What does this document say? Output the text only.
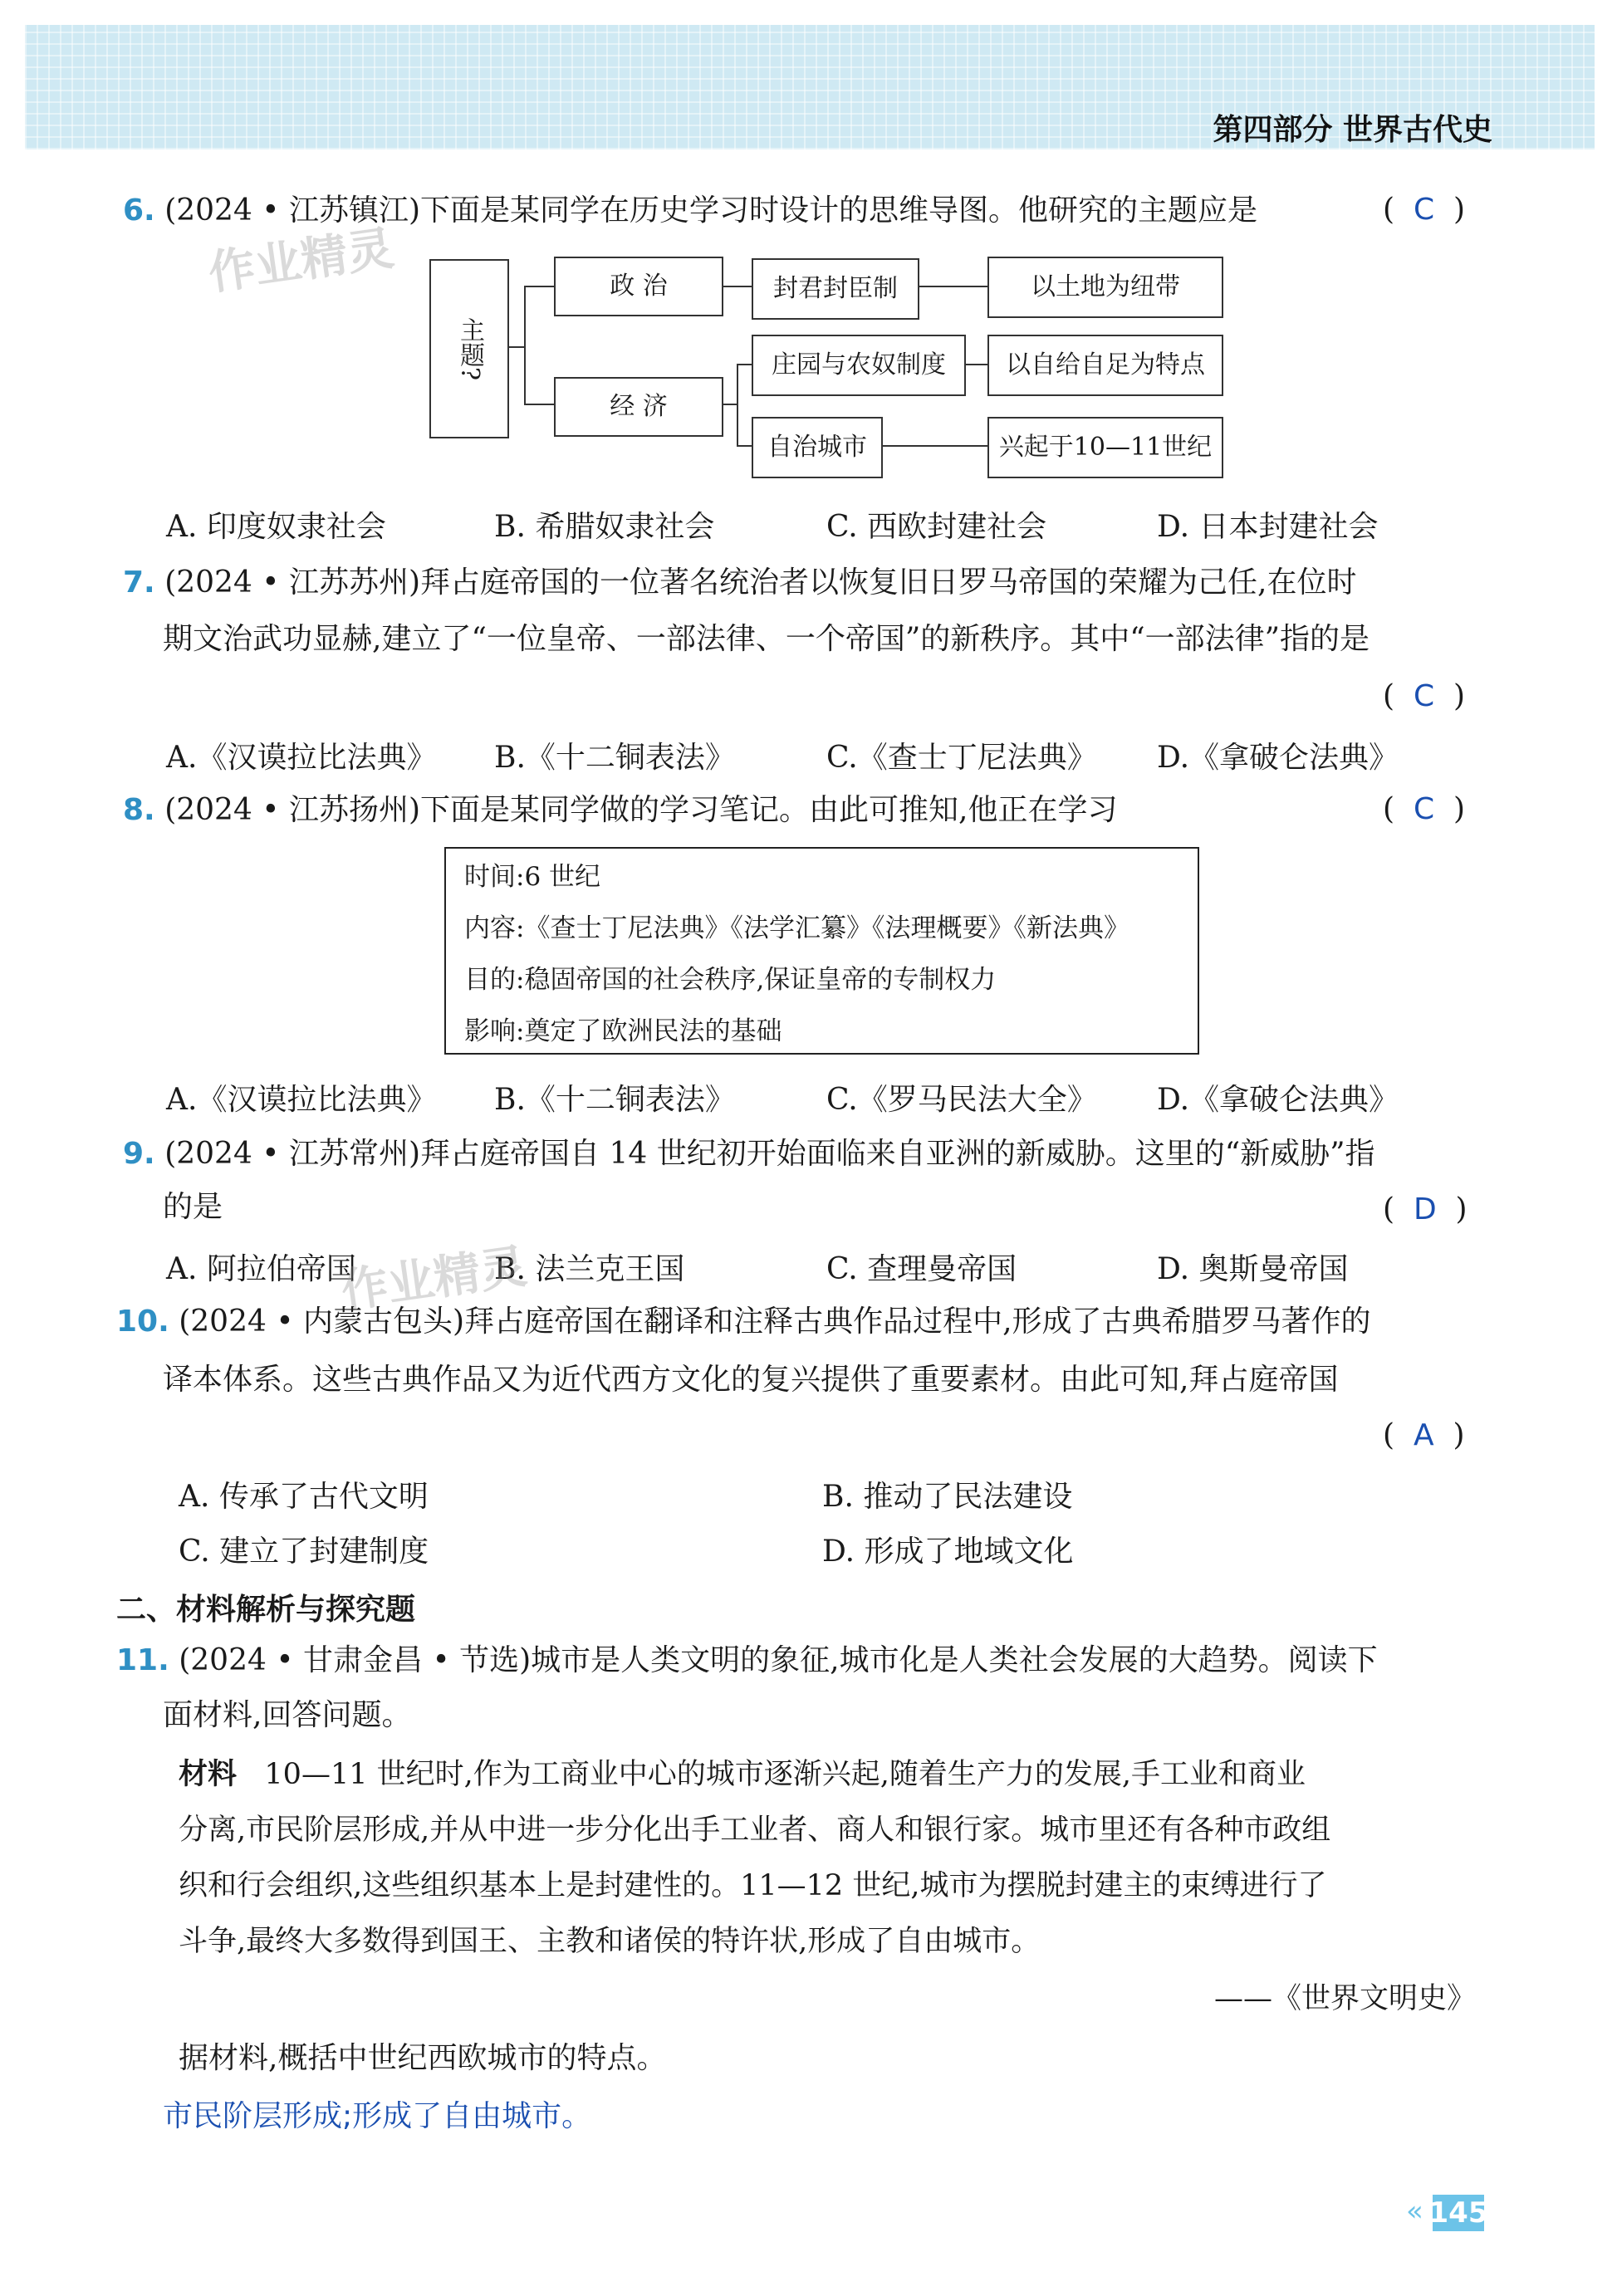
第四部分 世界古代史
6. (2024 • 江苏镇江)下面是某同学在历史学习时设计的思维导图。他研究的主题应是	(  C  )
作业精灵
主题?
政 治
经 济
封君封臣制
庄园与农奴制度
自治城市
以土地为纽带
以自给自足为特点
兴起于10—11世纪
A. 印度奴隶社会	B. 希腊奴隶社会	C. 西欧封建社会	D. 日本封建社会
7. (2024 • 江苏苏州)拜占庭帝国的一位著名统治者以恢复旧日罗马帝国的荣耀为己任,在位时
期文治武功显赫,建立了“一位皇帝、一部法律、一个帝国”的新秩序。其中“一部法律”指的是
(  C  )
A.《汉谟拉比法典》 B.《十二铜表法》	C.《查士丁尼法典》 D.《拿破仑法典》
8. (2024 • 江苏扬州)下面是某同学做的学习笔记。由此可推知,他正在学习	(  C  )
时间:6 世纪
内容:《查士丁尼法典》《法学汇纂》《法理概要》《新法典》
目的:稳固帝国的社会秩序,保证皇帝的专制权力
影响:奠定了欧洲民法的基础
A.《汉谟拉比法典》 B.《十二铜表法》	C.《罗马民法大全》 D.《拿破仑法典》
9. (2024 • 江苏常州)拜占庭帝国自 14 世纪初开始面临来自亚洲的新威胁。这里的“新威胁”指
的是	(  D  )
A. 阿拉伯帝国	B. 法兰克王国	C. 查理曼帝国	D. 奥斯曼帝国
作业精灵
10. (2024 • 内蒙古包头)拜占庭帝国在翻译和注释古典作品过程中,形成了古典希腊罗马著作的
译本体系。这些古典作品又为近代西方文化的复兴提供了重要素材。由此可知,拜占庭帝国
(  A  )
A. 传承了古代文明	B. 推动了民法建设
C. 建立了封建制度	D. 形成了地域文化
二、材料解析与探究题
11. (2024 • 甘肃金昌 • 节选)城市是人类文明的象征,城市化是人类社会发展的大趋势。阅读下
面材料,回答问题。
材料 10—11 世纪时,作为工商业中心的城市逐渐兴起,随着生产力的发展,手工业和商业
分离,市民阶层形成,并从中进一步分化出手工业者、商人和银行家。城市里还有各种市政组
织和行会组织,这些组织基本上是封建性的。11—12 世纪,城市为摆脱封建主的束缚进行了
斗争,最终大多数得到国王、主教和诸侯的特许状,形成了自由城市。
——《世界文明史》
据材料,概括中世纪西欧城市的特点。
市民阶层形成;形成了自由城市。
« 145
